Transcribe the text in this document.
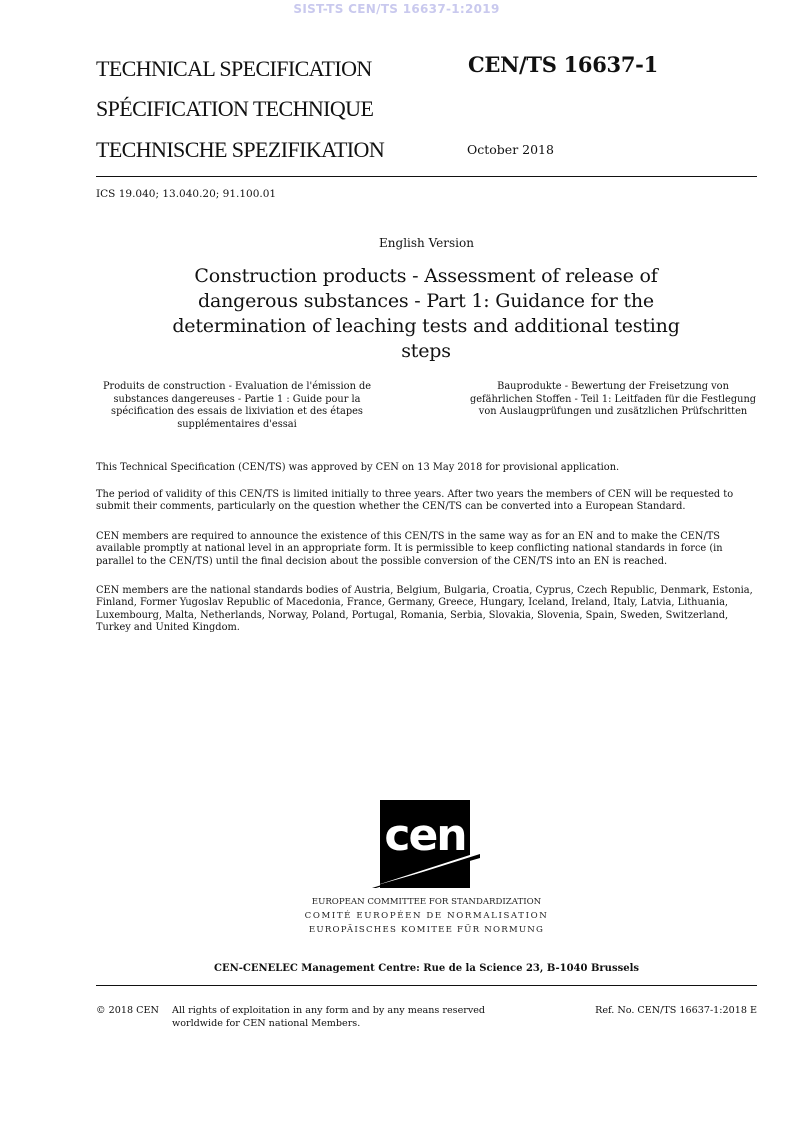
SIST-TS CEN/TS 16637-1:2019
TECHNICAL SPECIFICATION
SPÉCIFICATION TECHNIQUE
TECHNISCHE SPEZIFIKATION
CEN/TS 16637-1
October 2018
ICS 19.040; 13.040.20; 91.100.01
English Version
Construction products - Assessment of release of dangerous substances - Part 1: Guidance for the determination of leaching tests and additional testing steps
Produits de construction - Evaluation de l'émission de substances dangereuses - Partie 1 : Guide pour la spécification des essais de lixiviation et des étapes supplémentaires d'essai
Bauprodukte - Bewertung der Freisetzung von gefährlichen Stoffen - Teil 1: Leitfaden für die Festlegung von Auslaugprüfungen und zusätzlichen Prüfschritten
This Technical Specification (CEN/TS) was approved by CEN on 13 May 2018 for provisional application.
The period of validity of this CEN/TS is limited initially to three years. After two years the members of CEN will be requested to submit their comments, particularly on the question whether the CEN/TS can be converted into a European Standard.
CEN members are required to announce the existence of this CEN/TS in the same way as for an EN and to make the CEN/TS available promptly at national level in an appropriate form. It is permissible to keep conflicting national standards in force (in parallel to the CEN/TS) until the final decision about the possible conversion of the CEN/TS into an EN is reached.
CEN members are the national standards bodies of Austria, Belgium, Bulgaria, Croatia, Cyprus, Czech Republic, Denmark, Estonia, Finland, Former Yugoslav Republic of Macedonia, France, Germany, Greece, Hungary, Iceland, Ireland, Italy, Latvia, Lithuania, Luxembourg, Malta, Netherlands, Norway, Poland, Portugal, Romania, Serbia, Slovakia, Slovenia, Spain, Sweden, Switzerland, Turkey and United Kingdom.
cen
EUROPEAN COMMITTEE FOR STANDARDIZATION
COMITÉ EUROPÉEN DE NORMALISATION
EUROPÄISCHES KOMITEE FÜR NORMUNG
CEN-CENELEC Management Centre: Rue de la Science 23, B-1040 Brussels
© 2018 CEN All rights of exploitation in any form and by any means reserved worldwide for CEN national Members.
Ref. No. CEN/TS 16637-1:2018 E
